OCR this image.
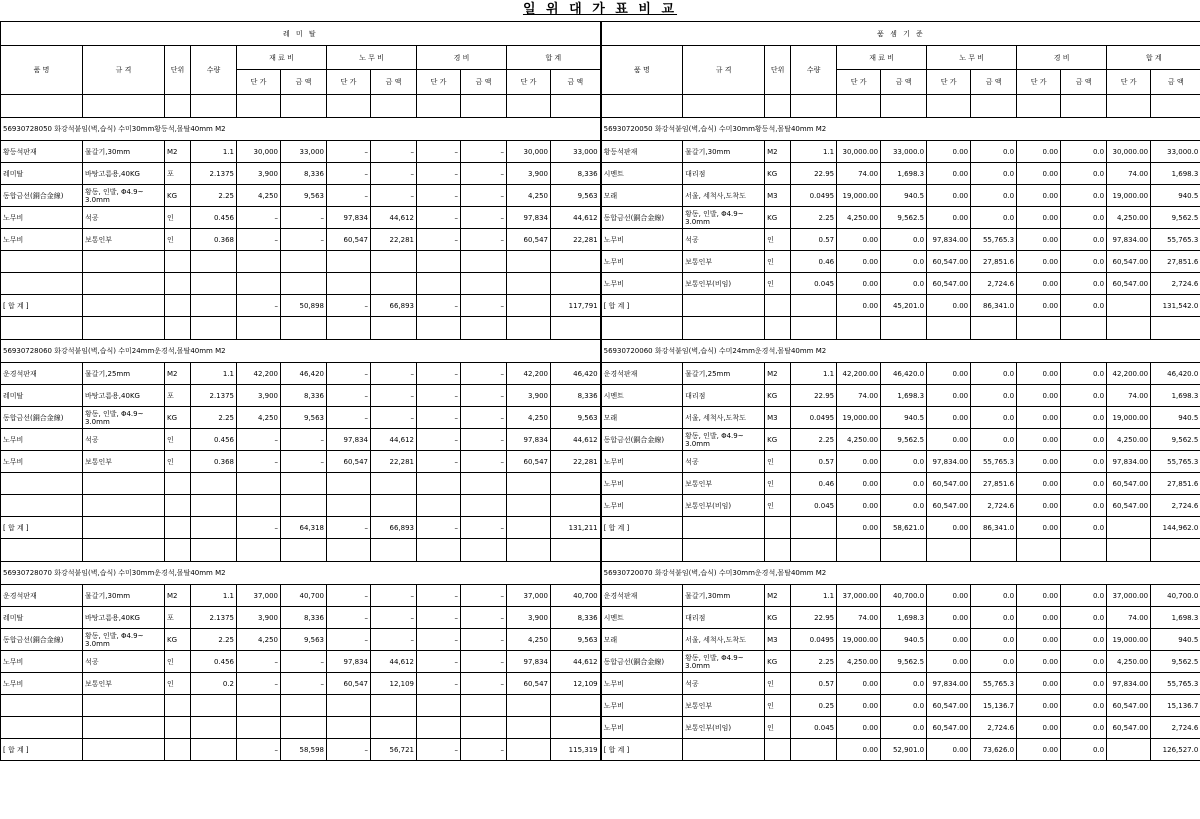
일 위 대 가 표 비 교
레 미 탈												품 셈 기 준											
품 명	규 격	단위	수량	재 료 비		노 무 비		경 비		합 계		품 명	규 격	단위	수량	재 료 비		노 무 비		경 비		합 계	
				단 가	금 액	단 가	금 액	단 가	금 액	단 가	금 액					단 가	금 액	단 가	금 액	단 가	금 액	단 가	금 액

56930728050 화강석붙임(벽,습식) 수미30mm황등석,몰탈40mm M2												56930720050 화강석붙임(벽,습식) 수미30mm황등석,몰탈40mm M2											
황등석판재	물갈기,30mm	M2	1.1	30,000	33,000	–	–	–	–	30,000	33,000	황등석판재	물갈기,30mm	M2	1.1	30,000.00	33,000.0	0.00	0.0	0.00	0.0	30,000.00	33,000.0
레미탈	바탕고름용,40KG	포	2.1375	3,900	8,336	–	–	–	–	3,900	8,336	시멘트	대리점	KG	22.95	74.00	1,698.3	0.00	0.0	0.00	0.0	74.00	1,698.3
동합금선(銅合金線)	황동, 인발, Φ4.9~ 3.0mm	KG	2.25	4,250	9,563	–	–	–	–	4,250	9,563	모래	서울, 세척사,도착도	M3	0.0495	19,000.00	940.5	0.00	0.0	0.00	0.0	19,000.00	940.5
노무비	석공	인	0.456	–	–	97,834	44,612	–	–	97,834	44,612	동합금선(銅合金線)	황동, 인발, Φ4.9~ 3.0mm	KG	2.25	4,250.00	9,562.5	0.00	0.0	0.00	0.0	4,250.00	9,562.5
노무비	보통인부	인	0.368	–	–	60,547	22,281	–	–	60,547	22,281	노무비	석공	인	0.57	0.00	0.0	97,834.00	55,765.3	0.00	0.0	97,834.00	55,765.3
												노무비	보통인부	인	0.46	0.00	0.0	60,547.00	27,851.6	0.00	0.0	60,547.00	27,851.6
												노무비	보통인부(비임)	인	0.045	0.00	0.0	60,547.00	2,724.6	0.00	0.0	60,547.00	2,724.6
[ 합 계 ]				–	50,898	–	66,893	–	–		117,791	[ 합 계 ]				0.00	45,201.0	0.00	86,341.0	0.00	0.0		131,542.0

56930728060 화강석붙임(벽,습식) 수미24mm운경석,몰탈40mm M2												56930720060 화강석붙임(벽,습식) 수미24mm운경석,몰탈40mm M2											
운경석판재	물갈기,25mm	M2	1.1	42,200	46,420	–	–	–	–	42,200	46,420	운경석판재	물갈기,25mm	M2	1.1	42,200.00	46,420.0	0.00	0.0	0.00	0.0	42,200.00	46,420.0
레미탈	바탕고름용,40KG	포	2.1375	3,900	8,336	–	–	–	–	3,900	8,336	시멘트	대리점	KG	22.95	74.00	1,698.3	0.00	0.0	0.00	0.0	74.00	1,698.3
동합금선(銅合金線)	황동, 인발, Φ4.9~ 3.0mm	KG	2.25	4,250	9,563	–	–	–	–	4,250	9,563	모래	서울, 세척사,도착도	M3	0.0495	19,000.00	940.5	0.00	0.0	0.00	0.0	19,000.00	940.5
노무비	석공	인	0.456	–	–	97,834	44,612	–	–	97,834	44,612	동합금선(銅合金線)	황동, 인발, Φ4.9~ 3.0mm	KG	2.25	4,250.00	9,562.5	0.00	0.0	0.00	0.0	4,250.00	9,562.5
노무비	보통인부	인	0.368	–	–	60,547	22,281	–	–	60,547	22,281	노무비	석공	인	0.57	0.00	0.0	97,834.00	55,765.3	0.00	0.0	97,834.00	55,765.3
												노무비	보통인부	인	0.46	0.00	0.0	60,547.00	27,851.6	0.00	0.0	60,547.00	27,851.6
												노무비	보통인부(비임)	인	0.045	0.00	0.0	60,547.00	2,724.6	0.00	0.0	60,547.00	2,724.6
[ 합 계 ]				–	64,318	–	66,893	–	–		131,211	[ 합 계 ]				0.00	58,621.0	0.00	86,341.0	0.00	0.0		144,962.0

56930728070 화강석붙임(벽,습식) 수미30mm운경석,몰탈40mm M2												56930720070 화강석붙임(벽,습식) 수미30mm운경석,몰탈40mm M2											
운경석판재	물갈기,30mm	M2	1.1	37,000	40,700	–	–	–	–	37,000	40,700	운경석판재	물갈기,30mm	M2	1.1	37,000.00	40,700.0	0.00	0.0	0.00	0.0	37,000.00	40,700.0
레미탈	바탕고름용,40KG	포	2.1375	3,900	8,336	–	–	–	–	3,900	8,336	시멘트	대리점	KG	22.95	74.00	1,698.3	0.00	0.0	0.00	0.0	74.00	1,698.3
동합금선(銅合金線)	황동, 인발, Φ4.9~ 3.0mm	KG	2.25	4,250	9,563	–	–	–	–	4,250	9,563	모래	서울, 세척사,도착도	M3	0.0495	19,000.00	940.5	0.00	0.0	0.00	0.0	19,000.00	940.5
노무비	석공	인	0.456	–	–	97,834	44,612	–	–	97,834	44,612	동합금선(銅合金線)	황동, 인발, Φ4.9~ 3.0mm	KG	2.25	4,250.00	9,562.5	0.00	0.0	0.00	0.0	4,250.00	9,562.5
노무비	보통인부	인	0.2	–	–	60,547	12,109	–	–	60,547	12,109	노무비	석공	인	0.57	0.00	0.0	97,834.00	55,765.3	0.00	0.0	97,834.00	55,765.3
												노무비	보통인부	인	0.25	0.00	0.0	60,547.00	15,136.7	0.00	0.0	60,547.00	15,136.7
												노무비	보통인부(비임)	인	0.045	0.00	0.0	60,547.00	2,724.6	0.00	0.0	60,547.00	2,724.6
[ 합 계 ]				–	58,598	–	56,721	–	–		115,319	[ 합 계 ]				0.00	52,901.0	0.00	73,626.0	0.00	0.0		126,527.0
